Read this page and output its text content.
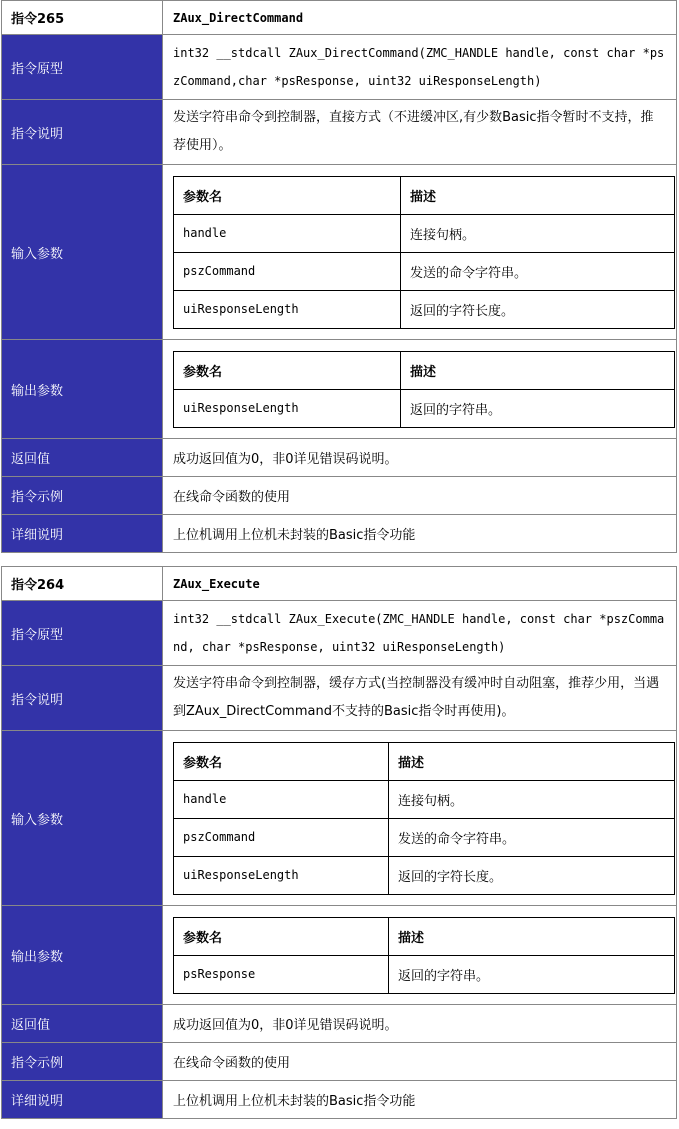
指令265	ZAux_DirectCommand
指令原型	int32 __stdcall ZAux_DirectCommand(ZMC_HANDLE handle, const char *pszCommand,char *psResponse, uint32 uiResponseLength)
指令说明	发送字符串命令到控制器，直接方式（不进缓冲区,有少数Basic指令暂时不支持，推荐使用）。
输入参数	
参数名	描述
handle	连接句柄。
pszCommand	发送的命令字符串。
uiResponseLength	返回的字符长度。

输出参数	
参数名	描述
uiResponseLength	返回的字符串。

返回值	成功返回值为0，非0详见错误码说明。
指令示例	在线命令函数的使用
详细说明	上位机调用上位机未封装的Basic指令功能
指令264	ZAux_Execute
指令原型	int32 __stdcall ZAux_Execute(ZMC_HANDLE handle, const char *pszCommand, char *psResponse, uint32 uiResponseLength)
指令说明	发送字符串命令到控制器，缓存方式(当控制器没有缓冲时自动阻塞，推荐少用，当遇到ZAux_DirectCommand不支持的Basic指令时再使用)。
输入参数	
参数名	描述
handle	连接句柄。
pszCommand	发送的命令字符串。
uiResponseLength	返回的字符长度。

输出参数	
参数名	描述
psResponse	返回的字符串。

返回值	成功返回值为0，非0详见错误码说明。
指令示例	在线命令函数的使用
详细说明	上位机调用上位机未封装的Basic指令功能
